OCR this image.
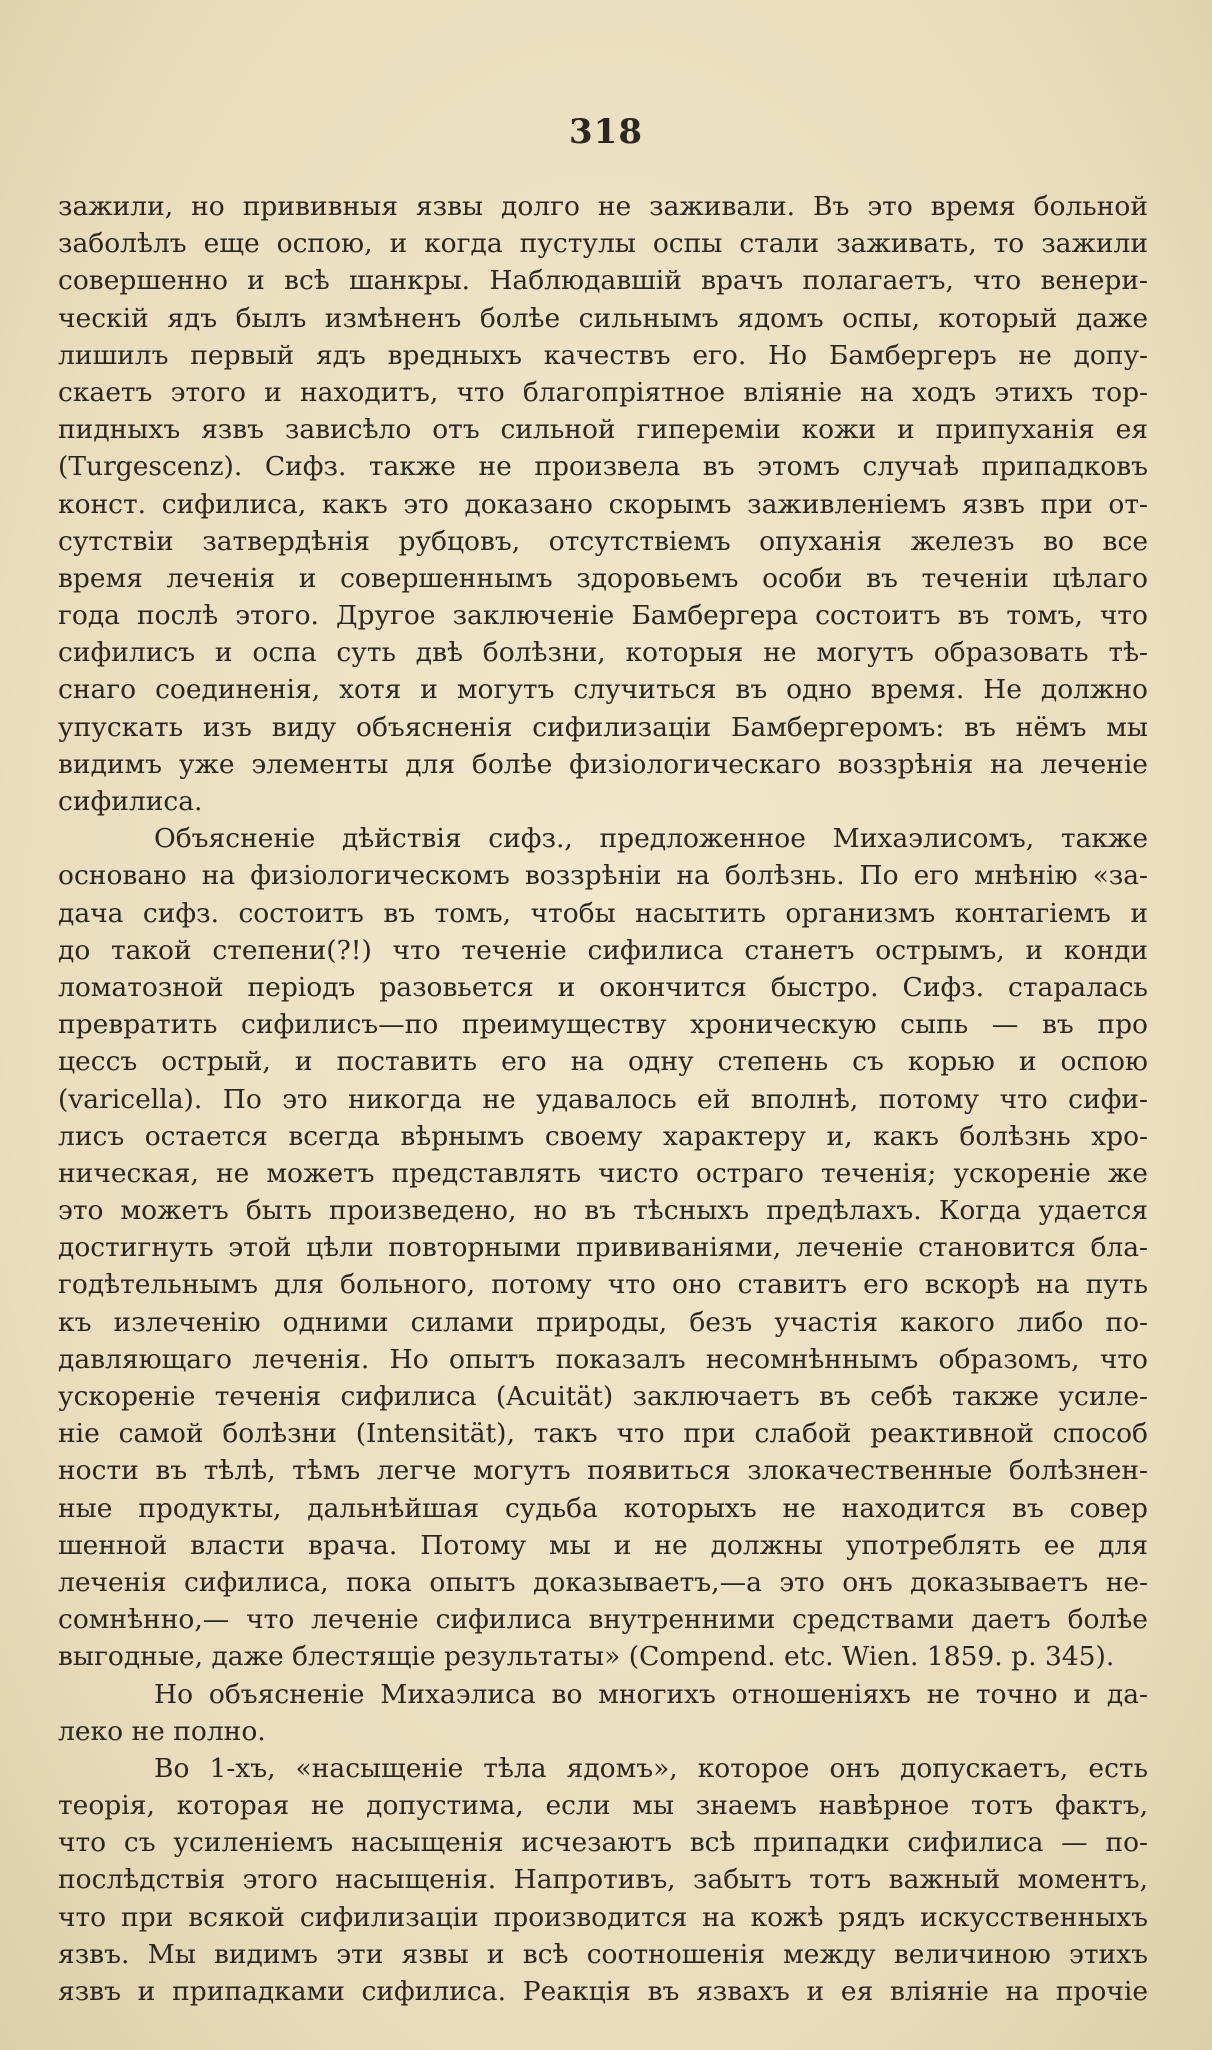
318
зажили, но прививныя язвы долго не заживали. Въ это время больной
заболѣлъ еще оспою, и когда пустулы оспы стали заживать, то зажили
совершенно и всѣ шанкры. Наблюдавшій врачъ полагаетъ, что венери-
ческій ядъ былъ измѣненъ болѣе сильнымъ ядомъ оспы, который даже
лишилъ первый ядъ вредныхъ качествъ его. Но Бамбергеръ не допу-
скаетъ этого и находитъ, что благопріятное вліяніе на ходъ этихъ тор-
пидныхъ язвъ зависѣло отъ сильной гипереміи кожи и припуханія ея
(Turgescenz). Сифз. также не произвела въ этомъ случаѣ припадковъ
конст. сифилиса, какъ это доказано скорымъ заживленіемъ язвъ при от-
сутствіи затвердѣнія рубцовъ, отсутствіемъ опуханія железъ во все
время леченія и совершеннымъ здоровьемъ особи въ теченіи цѣлаго
года послѣ этого. Другое заключеніе Бамбергера состоитъ въ томъ, что
сифилисъ и оспа суть двѣ болѣзни, которыя не могутъ образовать тѣ-
снаго соединенія, хотя и могутъ случиться въ одно время. Не должно
упускать изъ виду объясненія сифилизаціи Бамбергеромъ: въ нёмъ мы
видимъ уже элементы для болѣе физіологическаго воззрѣнія на леченіе
сифилиса.
Объясненіе дѣйствія сифз., предложенное Михаэлисомъ, также
основано на физіологическомъ воззрѣніи на болѣзнь. По его мнѣнію «за-
дача сифз. состоитъ въ томъ, чтобы насытить организмъ контагіемъ и
до такой степени(?!) что теченіе сифилиса станетъ острымъ, и конди
ломатозной періодъ разовьется и окончится быстро. Сифз. старалась
превратить сифилисъ—по преимуществу хроническую сыпь — въ про
цессъ острый, и поставить его на одну степень съ корью и оспою
(varicella). По это никогда не удавалось ей вполнѣ, потому что сифи-
лисъ остается всегда вѣрнымъ своему характеру и, какъ болѣзнь хро-
ническая, не можетъ представлять чисто остраго теченія; ускореніе же
это можетъ быть произведено, но въ тѣсныхъ предѣлахъ. Когда удается
достигнуть этой цѣли повторными прививаніями, леченіе становится бла-
годѣтельнымъ для больного, потому что оно ставитъ его вскорѣ на путь
къ излеченію одними силами природы, безъ участія какого либо по-
давляющаго леченія. Но опытъ показалъ несомнѣннымъ образомъ, что
ускореніе теченія сифилиса (Acuität) заключаетъ въ себѣ также усиле-
ніе самой болѣзни (Intensität), такъ что при слабой реактивной способ
ности въ тѣлѣ, тѣмъ легче могутъ появиться злокачественные болѣзнен-
ные продукты, дальнѣйшая судьба которыхъ не находится въ совер
шенной власти врача. Потому мы и не должны употреблять ее для
леченія сифилиса, пока опытъ доказываетъ,—а это онъ доказываетъ не-
сомнѣнно,— что леченіе сифилиса внутренними средствами даетъ болѣе
выгодные, даже блестящіе результаты» (Compend. etc. Wien. 1859. p. 345).
Но объясненіе Михаэлиса во многихъ отношеніяхъ не точно и да-
леко не полно.
Во 1-хъ, «насыщеніе тѣла ядомъ», которое онъ допускаетъ, есть
теорія, которая не допустима, если мы знаемъ навѣрное тотъ фактъ,
что съ усиленіемъ насыщенія исчезаютъ всѣ припадки сифилиса — по-
послѣдствія этого насыщенія. Напротивъ, забытъ тотъ важный моментъ,
что при всякой сифилизаціи производится на кожѣ рядъ искусственныхъ
язвъ. Мы видимъ эти язвы и всѣ соотношенія между величиною этихъ
язвъ и припадками сифилиса. Реакція въ язвахъ и ея вліяніе на прочіе
